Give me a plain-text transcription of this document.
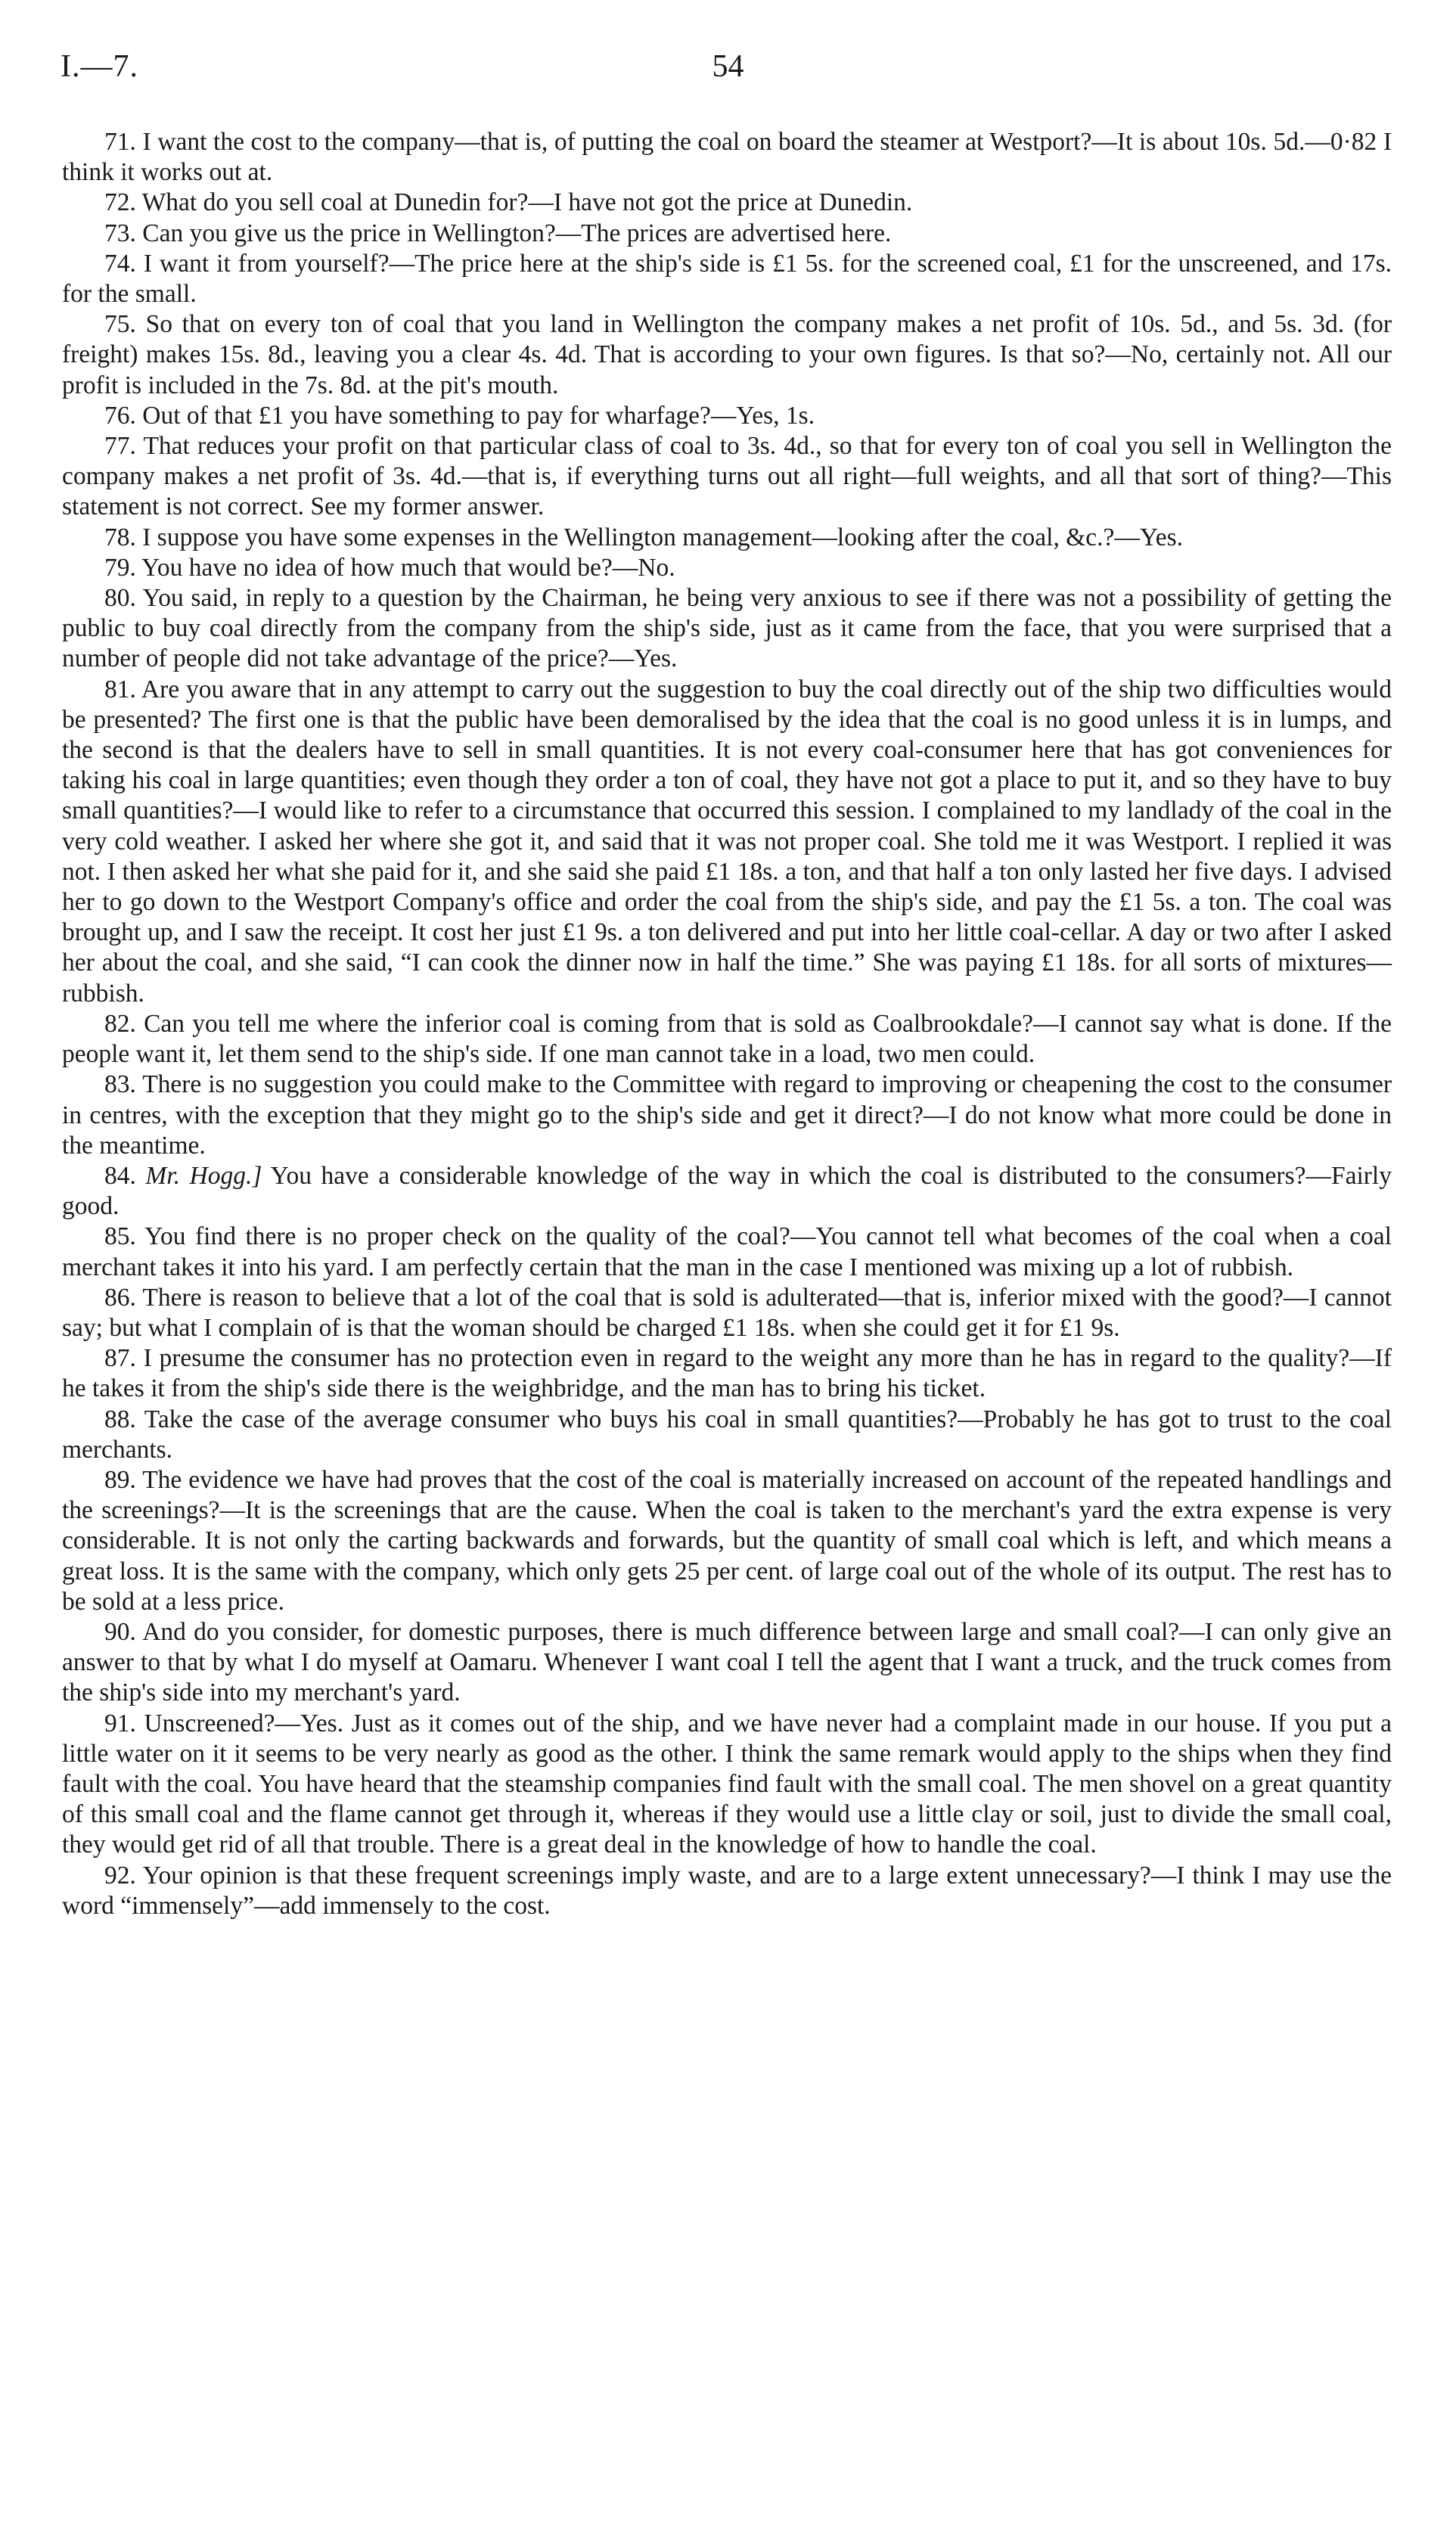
I.—7.	54

71. I want the cost to the company—that is, of putting the coal on board the steamer at Westport?—It is about 10s. 5d.—0·82 I think it works out at.

72. What do you sell coal at Dunedin for?—I have not got the price at Dunedin.

73. Can you give us the price in Wellington?—The prices are advertised here.

74. I want it from yourself?—The price here at the ship's side is £1 5s. for the screened coal, £1 for the unscreened, and 17s. for the small.

75. So that on every ton of coal that you land in Wellington the company makes a net profit of 10s. 5d., and 5s. 3d. (for freight) makes 15s. 8d., leaving you a clear 4s. 4d. That is according to your own figures. Is that so?—No, certainly not. All our profit is included in the 7s. 8d. at the pit's mouth.

76. Out of that £1 you have something to pay for wharfage?—Yes, 1s.

77. That reduces your profit on that particular class of coal to 3s. 4d., so that for every ton of coal you sell in Wellington the company makes a net profit of 3s. 4d.—that is, if everything turns out all right—full weights, and all that sort of thing?—This statement is not correct. See my former answer.

78. I suppose you have some expenses in the Wellington management—looking after the coal, &c.?—Yes.

79. You have no idea of how much that would be?—No.

80. You said, in reply to a question by the Chairman, he being very anxious to see if there was not a possibility of getting the public to buy coal directly from the company from the ship's side, just as it came from the face, that you were surprised that a number of people did not take advantage of the price?—Yes.

81. Are you aware that in any attempt to carry out the suggestion to buy the coal directly out of the ship two difficulties would be presented? The first one is that the public have been demoralised by the idea that the coal is no good unless it is in lumps, and the second is that the dealers have to sell in small quantities. It is not every coal-consumer here that has got conveniences for taking his coal in large quantities; even though they order a ton of coal, they have not got a place to put it, and so they have to buy small quantities?—I would like to refer to a circumstance that occurred this session. I complained to my landlady of the coal in the very cold weather. I asked her where she got it, and said that it was not proper coal. She told me it was Westport. I replied it was not. I then asked her what she paid for it, and she said she paid £1 18s. a ton, and that half a ton only lasted her five days. I advised her to go down to the Westport Company's office and order the coal from the ship's side, and pay the £1 5s. a ton. The coal was brought up, and I saw the receipt. It cost her just £1 9s. a ton delivered and put into her little coal-cellar. A day or two after I asked her about the coal, and she said, “I can cook the dinner now in half the time.” She was paying £1 18s. for all sorts of mixtures—rubbish.

82. Can you tell me where the inferior coal is coming from that is sold as Coalbrookdale?—I cannot say what is done. If the people want it, let them send to the ship's side. If one man cannot take in a load, two men could.

83. There is no suggestion you could make to the Committee with regard to improving or cheapening the cost to the consumer in centres, with the exception that they might go to the ship's side and get it direct?—I do not know what more could be done in the meantime.

84. Mr. Hogg.] You have a considerable knowledge of the way in which the coal is distributed to the consumers?—Fairly good.

85. You find there is no proper check on the quality of the coal?—You cannot tell what becomes of the coal when a coal merchant takes it into his yard. I am perfectly certain that the man in the case I mentioned was mixing up a lot of rubbish.

86. There is reason to believe that a lot of the coal that is sold is adulterated—that is, inferior mixed with the good?—I cannot say; but what I complain of is that the woman should be charged £1 18s. when she could get it for £1 9s.

87. I presume the consumer has no protection even in regard to the weight any more than he has in regard to the quality?—If he takes it from the ship's side there is the weighbridge, and the man has to bring his ticket.

88. Take the case of the average consumer who buys his coal in small quantities?—Probably he has got to trust to the coal merchants.

89. The evidence we have had proves that the cost of the coal is materially increased on account of the repeated handlings and the screenings?—It is the screenings that are the cause. When the coal is taken to the merchant's yard the extra expense is very considerable. It is not only the carting backwards and forwards, but the quantity of small coal which is left, and which means a great loss. It is the same with the company, which only gets 25 per cent. of large coal out of the whole of its output. The rest has to be sold at a less price.

90. And do you consider, for domestic purposes, there is much difference between large and small coal?—I can only give an answer to that by what I do myself at Oamaru. Whenever I want coal I tell the agent that I want a truck, and the truck comes from the ship's side into my merchant's yard.

91. Unscreened?—Yes. Just as it comes out of the ship, and we have never had a complaint made in our house. If you put a little water on it it seems to be very nearly as good as the other. I think the same remark would apply to the ships when they find fault with the coal. You have heard that the steamship companies find fault with the small coal. The men shovel on a great quantity of this small coal and the flame cannot get through it, whereas if they would use a little clay or soil, just to divide the small coal, they would get rid of all that trouble. There is a great deal in the knowledge of how to handle the coal.

92. Your opinion is that these frequent screenings imply waste, and are to a large extent unnecessary?—I think I may use the word “immensely”—add immensely to the cost.
